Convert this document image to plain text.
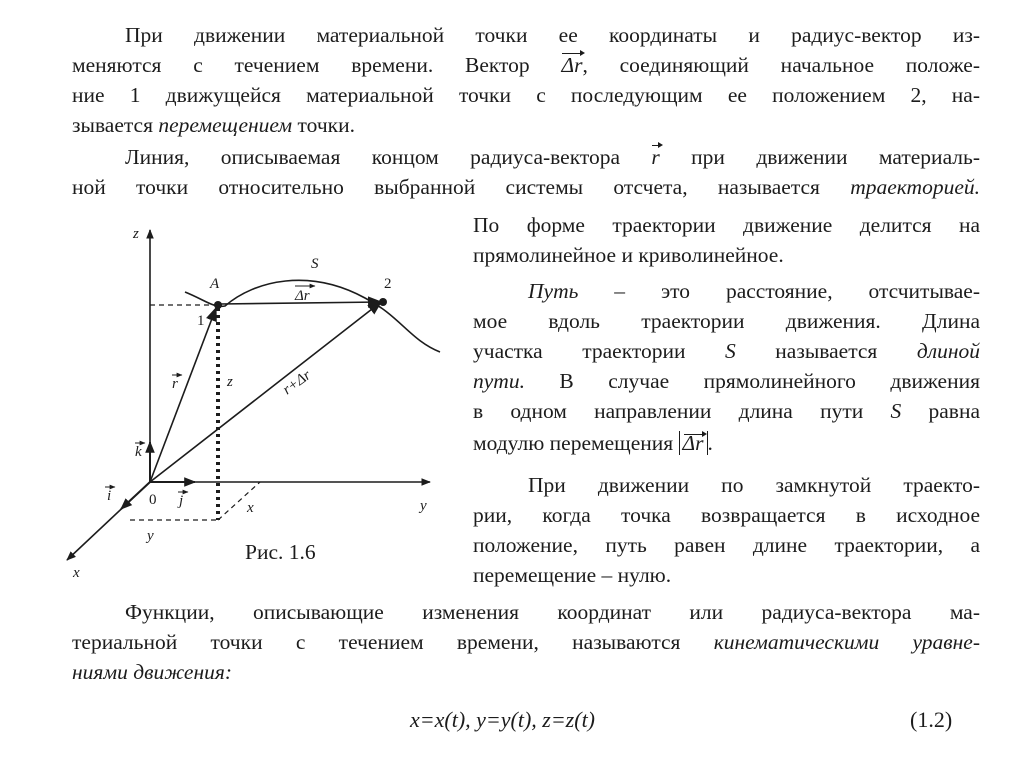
При движении материальной точки ее координаты и радиус-вектор из-
меняются с течением времени. Вектор Δr, соединяющий начальное положе-
ние 1 движущейся материальной точки с последующим ее положением 2, на-
зывается перемещением точки.
Линия, описываемая концом радиуса-вектора r при движении материаль-
ной точки относительно выбранной системы отсчета, называется траекторией.
По форме траектории движение делится на
прямолинейное и криволинейное.
Путь – это расстояние, отсчитывае-
мое вдоль траектории движения. Длина
участка траектории S называется длиной
пути. В случае прямолинейного движения
в одном направлении длина пути S равна
модулю перемещения Δr .
При движении по замкнутой траекто-
рии, когда точка возвращается в исходное
положение, путь равен длине траектории, а
перемещение – нулю.
Функции, описывающие изменения координат или радиуса-вектора ма-
териальной точки с течением времени, называются кинематическими уравне-
ниями движения:
x=x(t), y=y(t), z=z(t)	(1.2)
z
y
x
A
S
Δr
r	r+Δr
z
x
y
k
j
i	0
1
2
Рис. 1.6
